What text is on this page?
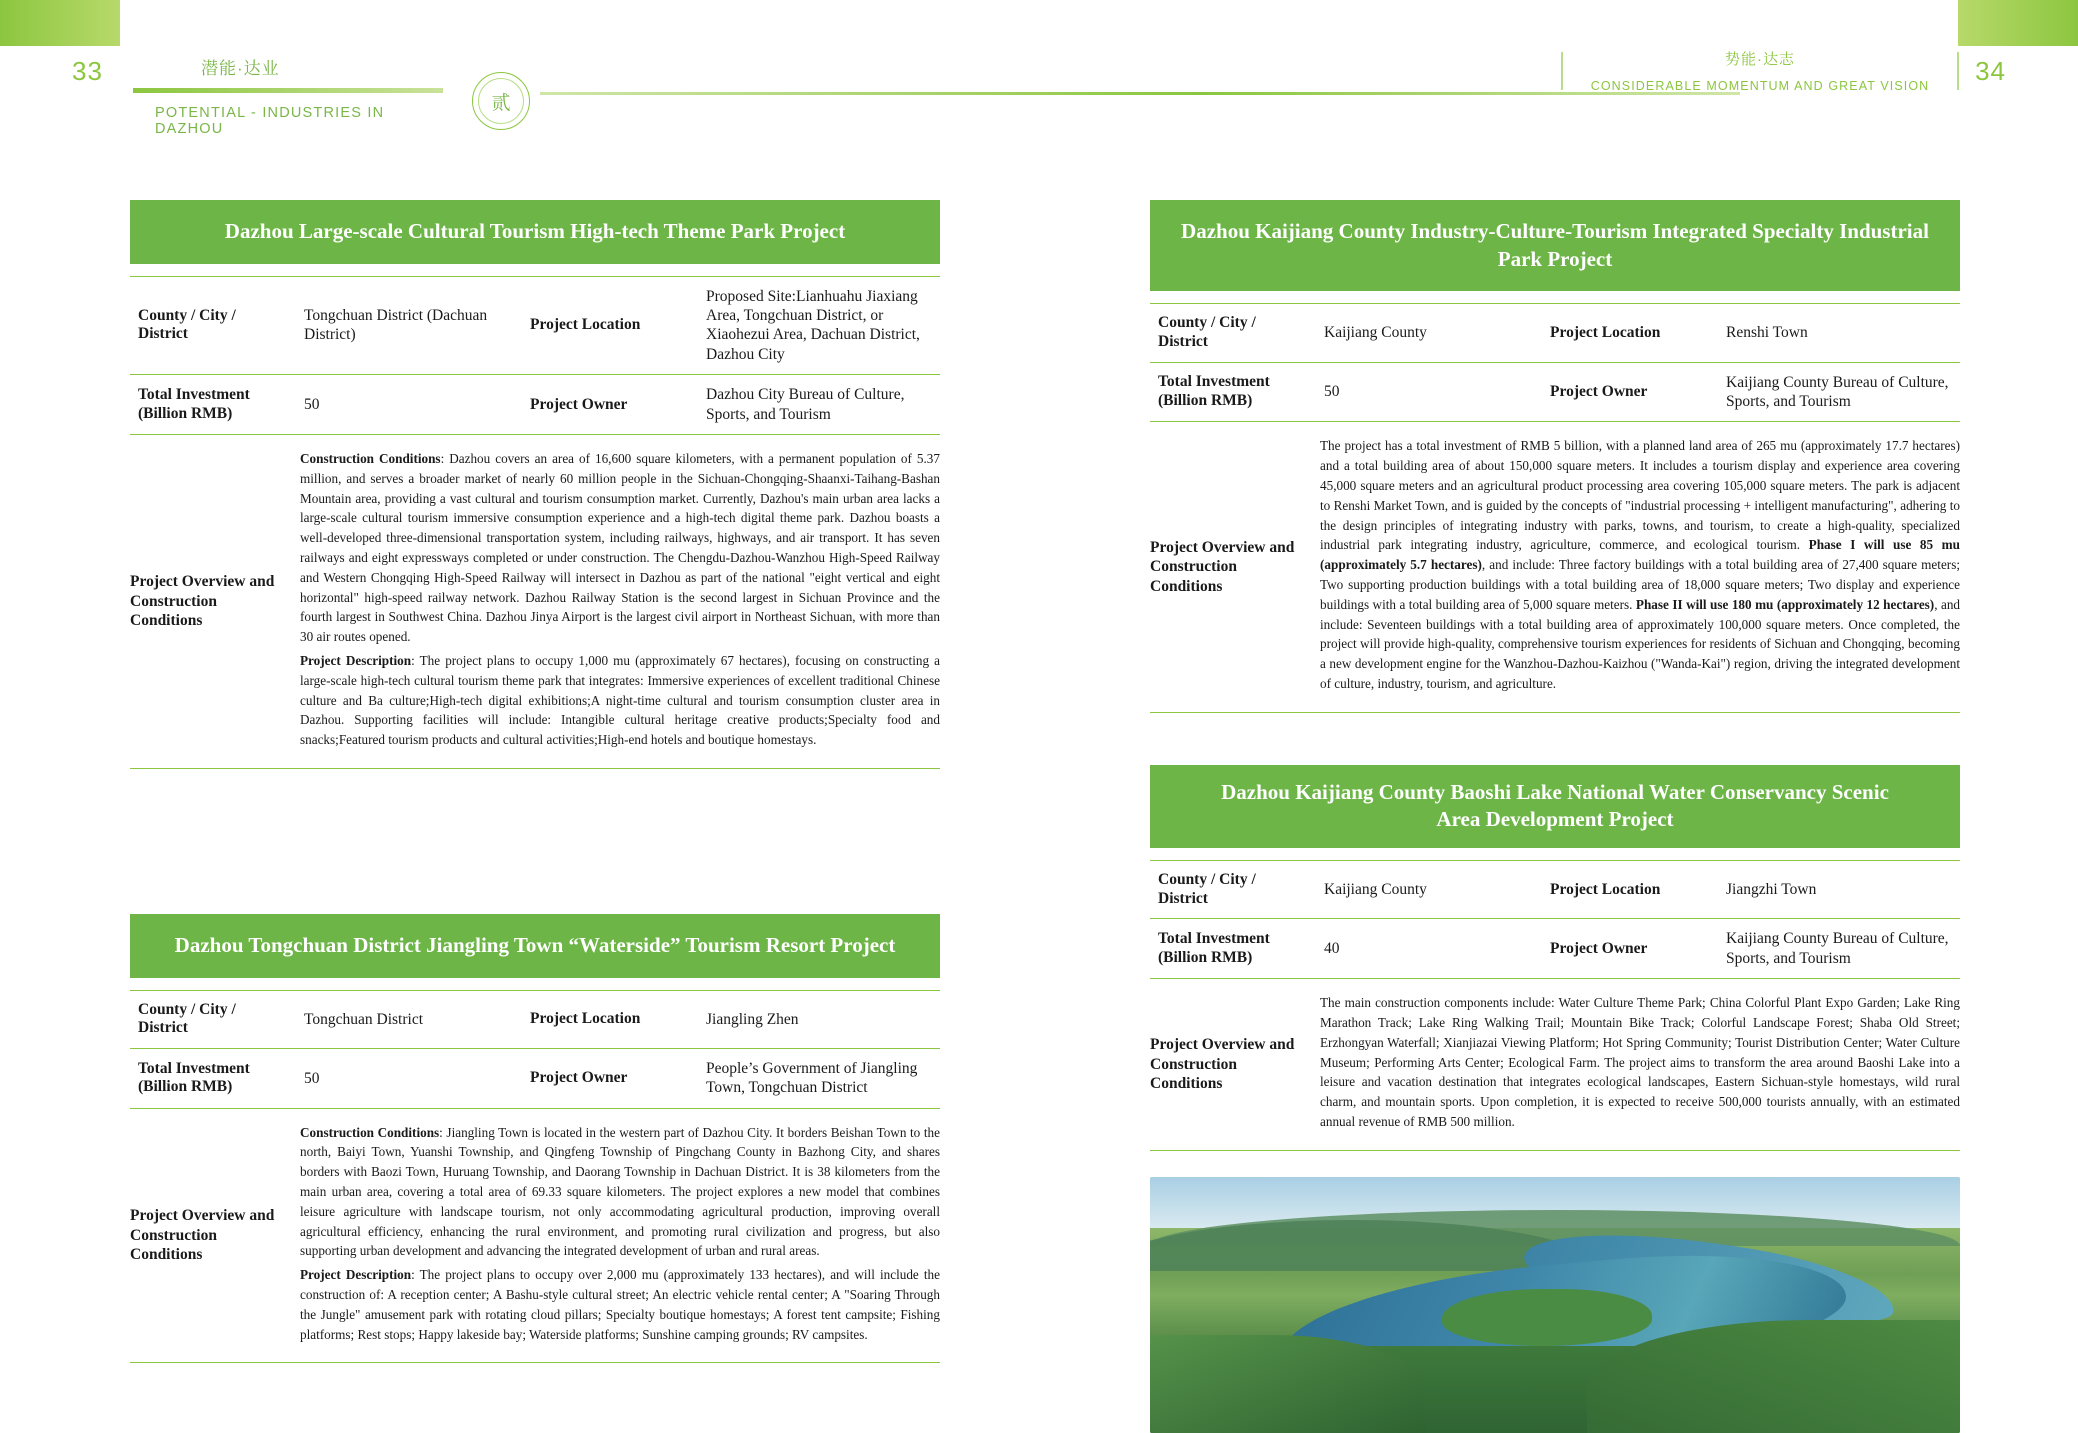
33	34
潜能·达业
POTENTIAL - INDUSTRIES IN DAZHOU
贰
势能·达志
CONSIDERABLE MOMENTUM AND GREAT VISION
Dazhou Large-scale Cultural Tourism High-tech Theme Park Project
County / City / District	Tongchuan District (Dachuan District)	Project Location	Proposed Site:Lianhuahu Jiaxiang Area, Tongchuan District, or Xiaohezui Area, Dachuan District, Dazhou City
Total Investment
(Billion RMB)	50	Project Owner	Dazhou City Bureau of Culture, Sports, and Tourism
Project Overview and
Construction Conditions

Construction Conditions: Dazhou covers an area of 16,600 square kilometers, with a permanent population of 5.37 million, and serves a broader market of nearly 60 million people in the Sichuan-Chongqing-Shaanxi-Taihang-Bashan Mountain area, providing a vast cultural and tourism consumption market. Currently, Dazhou's main urban area lacks a large-scale cultural tourism immersive consumption experience and a high-tech digital theme park. Dazhou boasts a well-developed three-dimensional transportation system, including railways, highways, and air transport. It has seven railways and eight expressways completed or under construction. The Chengdu-Dazhou-Wanzhou High-Speed Railway and Western Chongqing High-Speed Railway will intersect in Dazhou as part of the national "eight vertical and eight horizontal" high-speed railway network. Dazhou Railway Station is the second largest in Sichuan Province and the fourth largest in Southwest China. Dazhou Jinya Airport is the largest civil airport in Northeast Sichuan, with more than 30 air routes opened.

Project Description: The project plans to occupy 1,000 mu (approximately 67 hectares), focusing on constructing a large-scale high-tech cultural tourism theme park that integrates: Immersive experiences of excellent traditional Chinese culture and Ba culture;High-tech digital exhibitions;A night-time cultural and tourism consumption cluster area in Dazhou. Supporting facilities will include: Intangible cultural heritage creative products;Specialty food and snacks;Featured tourism products and cultural activities;High-end hotels and boutique homestays.

Dazhou Tongchuan District Jiangling Town “Waterside” Tourism Resort Project
County / City / District	Tongchuan District	Project Location	Jiangling Zhen
Total Investment
(Billion RMB)	50	Project Owner	People’s Government of Jiangling Town, Tongchuan District
Project Overview and
Construction Conditions

Construction Conditions: Jiangling Town is located in the western part of Dazhou City. It borders Beishan Town to the north, Baiyi Town, Yuanshi Township, and Qingfeng Township of Pingchang County in Bazhong City, and shares borders with Baozi Town, Huruang Township, and Daorang Township in Dachuan District. It is 38 kilometers from the main urban area, covering a total area of 69.33 square kilometers. The project explores a new model that combines leisure agriculture with landscape tourism, not only accommodating agricultural production, improving overall agricultural efficiency, enhancing the rural environment, and promoting rural civilization and progress, but also supporting urban development and advancing the integrated development of urban and rural areas.

Project Description: The project plans to occupy over 2,000 mu (approximately 133 hectares), and will include the construction of: A reception center; A Bashu-style cultural street; An electric vehicle rental center; A "Soaring Through the Jungle" amusement park with rotating cloud pillars; Specialty boutique homestays; A forest tent campsite; Fishing platforms; Rest stops; Happy lakeside bay; Waterside platforms; Sunshine camping grounds; RV campsites.

Dazhou Kaijiang County Industry-Culture-Tourism Integrated Specialty Industrial Park Project
County / City / District	Kaijiang County	Project Location	Renshi Town
Total Investment
(Billion RMB)	50	Project Owner	Kaijiang County Bureau of Culture, Sports, and Tourism
Project Overview and
Construction Conditions

The project has a total investment of RMB 5 billion, with a planned land area of 265 mu (approximately 17.7 hectares) and a total building area of about 150,000 square meters. It includes a tourism display and experience area covering 45,000 square meters and an agricultural product processing area covering 105,000 square meters. The park is adjacent to Renshi Market Town, and is guided by the concepts of "industrial processing + intelligent manufacturing", adhering to the design principles of integrating industry with parks, towns, and tourism, to create a high-quality, specialized industrial park integrating industry, agriculture, commerce, and ecological tourism. Phase I will use 85 mu (approximately 5.7 hectares), and include: Three factory buildings with a total building area of 27,400 square meters; Two supporting production buildings with a total building area of 18,000 square meters; Two display and experience buildings with a total building area of 5,000 square meters. Phase II will use 180 mu (approximately 12 hectares), and include: Seventeen buildings with a total building area of approximately 100,000 square meters. Once completed, the project will provide high-quality, comprehensive tourism experiences for residents of Sichuan and Chongqing, becoming a new development engine for the Wanzhou-Dazhou-Kaizhou ("Wanda-Kai") region, driving the integrated development of culture, industry, tourism, and agriculture.

Dazhou Kaijiang County Baoshi Lake National Water Conservancy Scenic
Area Development Project
County / City / District	Kaijiang County	Project Location	Jiangzhi Town
Total Investment
(Billion RMB)	40	Project Owner	Kaijiang County Bureau of Culture, Sports, and Tourism
Project Overview and
Construction Conditions

The main construction components include: Water Culture Theme Park; China Colorful Plant Expo Garden; Lake Ring Marathon Track; Lake Ring Walking Trail; Mountain Bike Track; Colorful Landscape Forest; Shaba Old Street; Erzhongyan Waterfall; Xianjiazai Viewing Platform; Hot Spring Community; Tourist Distribution Center; Water Culture Museum; Performing Arts Center; Ecological Farm. The project aims to transform the area around Baoshi Lake into a leisure and vacation destination that integrates ecological landscapes, Eastern Sichuan-style homestays, wild rural charm, and mountain sports. Upon completion, it is expected to receive 500,000 tourists annually, with an estimated annual revenue of RMB 500 million.
